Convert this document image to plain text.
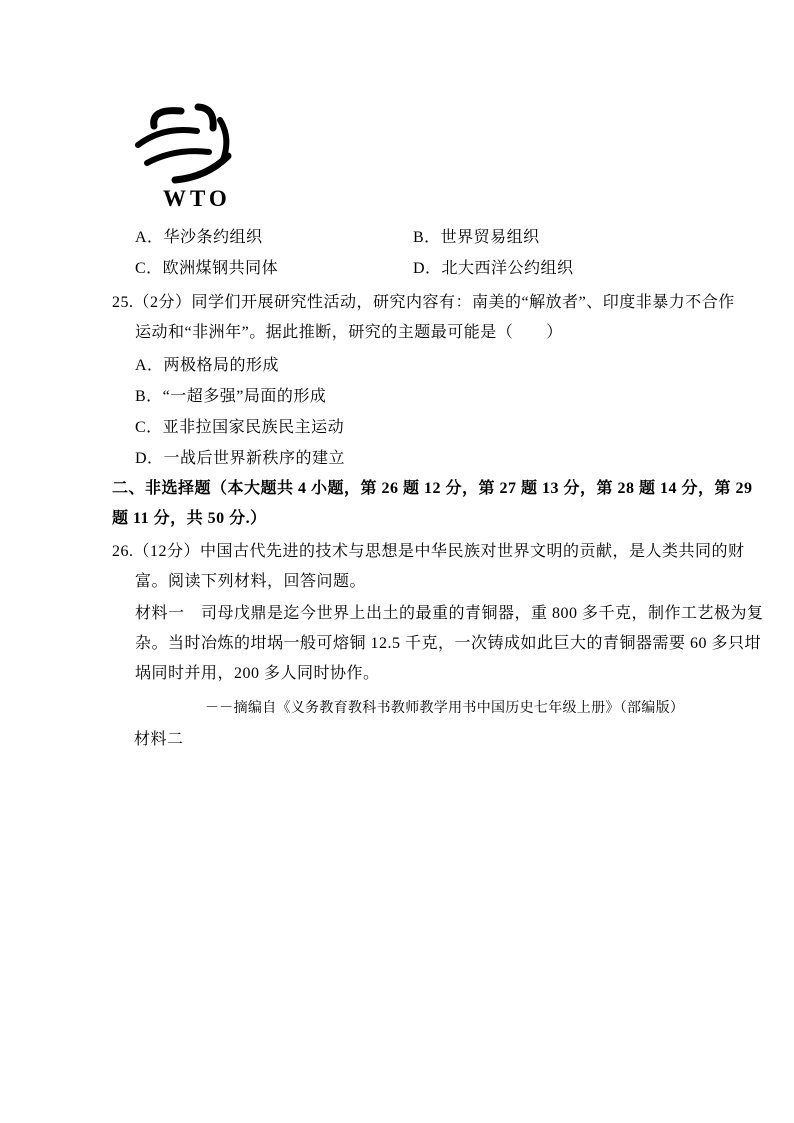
WTO
A．华沙条约组织	B．世界贸易组织
C．欧洲煤钢共同体	D．北大西洋公约组织
25.（2分）同学们开展研究性活动，研究内容有：南美的“解放者”、印度非暴力不合作
运动和“非洲年”。据此推断，研究的主题最可能是（　　）
A．两极格局的形成
B．“一超多强”局面的形成
C．亚非拉国家民族民主运动
D．一战后世界新秩序的建立
二、非选择题（本大题共 4 小题，第 26 题 12 分，第 27 题 13 分，第 28 题 14 分，第 29
题 11 分，共 50 分.）
26.（12分）中国古代先进的技术与思想是中华民族对世界文明的贡献，是人类共同的财
富。阅读下列材料，回答问题。
材料一　司母戊鼎是迄今世界上出土的最重的青铜器，重 800 多千克，制作工艺极为复
杂。当时冶炼的坩埚一般可熔铜 12.5 千克，一次铸成如此巨大的青铜器需要 60 多只坩
埚同时并用，200 多人同时协作。
－－摘编自《义务教育教科书教师教学用书中国历史七年级上册》（部编版）
材料二
